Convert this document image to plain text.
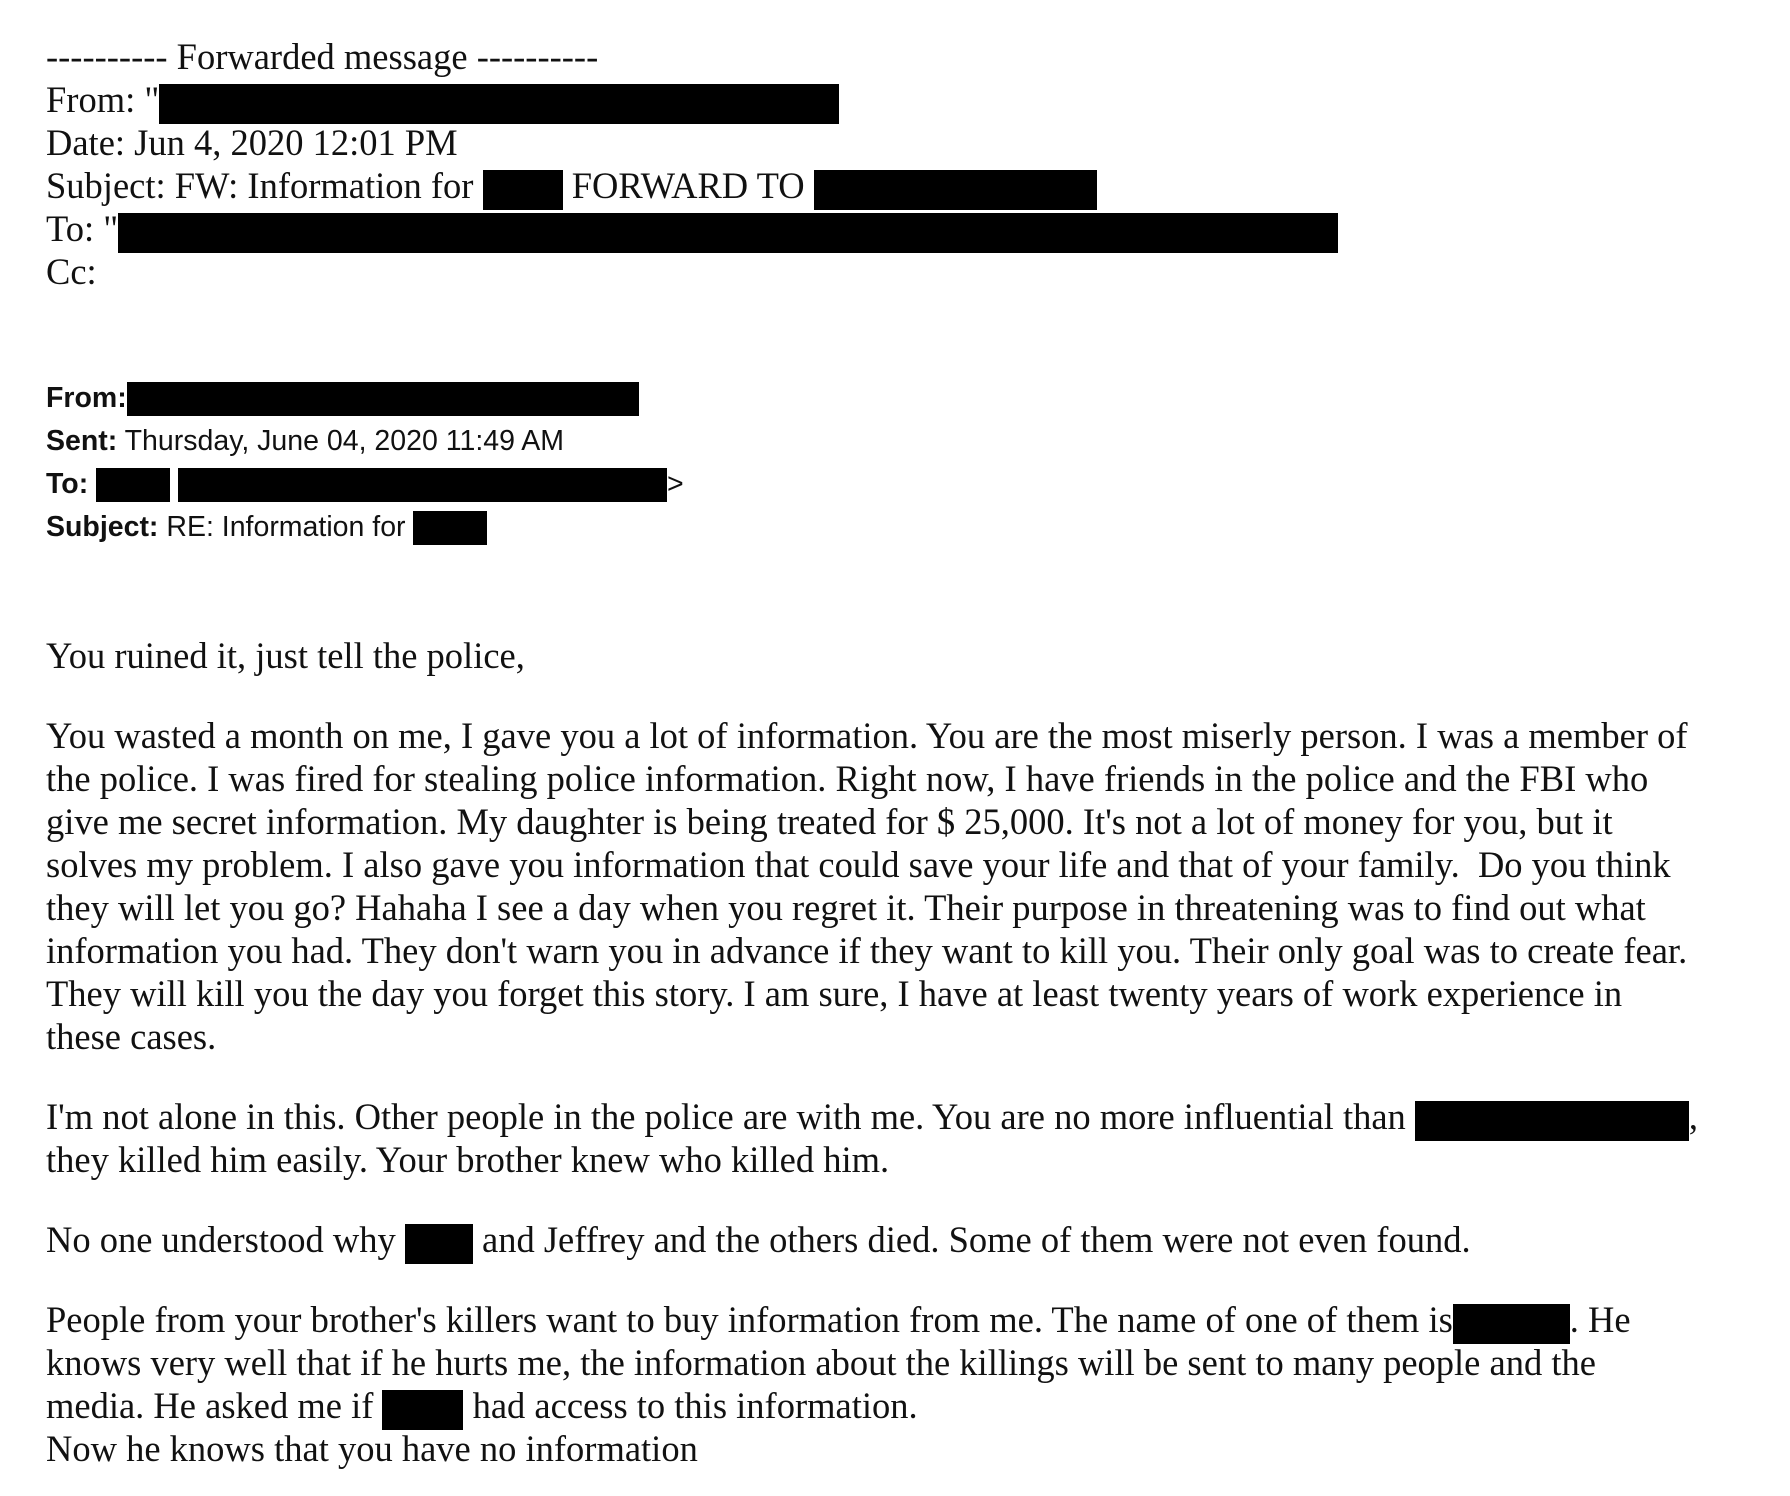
---------- Forwarded message ----------
From: "
Date: Jun 4, 2020 12:01 PM
Subject: FW: Information for	FORWARD TO
To: "
Cc:
From:
Sent: Thursday, June 04, 2020 11:49 AM
To:	>
Subject: RE: Information for
You ruined it, just tell the police,
You wasted a month on me, I gave you a lot of information. You are the most miserly person. I was a member of
the police. I was fired for stealing police information. Right now, I have friends in the police and the FBI who
give me secret information. My daughter is being treated for $ 25,000. It's not a lot of money for you, but it
solves my problem. I also gave you information that could save your life and that of your family.  Do you think
they will let you go? Hahaha I see a day when you regret it. Their purpose in threatening was to find out what
information you had. They don't warn you in advance if they want to kill you. Their only goal was to create fear.
They will kill you the day you forget this story. I am sure, I have at least twenty years of work experience in
these cases.
I'm not alone in this. Other people in the police are with me. You are no more influential than	,
they killed him easily. Your brother knew who killed him.
No one understood why  and Jeffrey and the others died. Some of them were not even found.
People from your brother's killers want to buy information from me. The name of one of them is	. He
knows very well that if he hurts me, the information about the killings will be sent to many people and the
media. He asked me if  had access to this information.
Now he knows that you have no information
